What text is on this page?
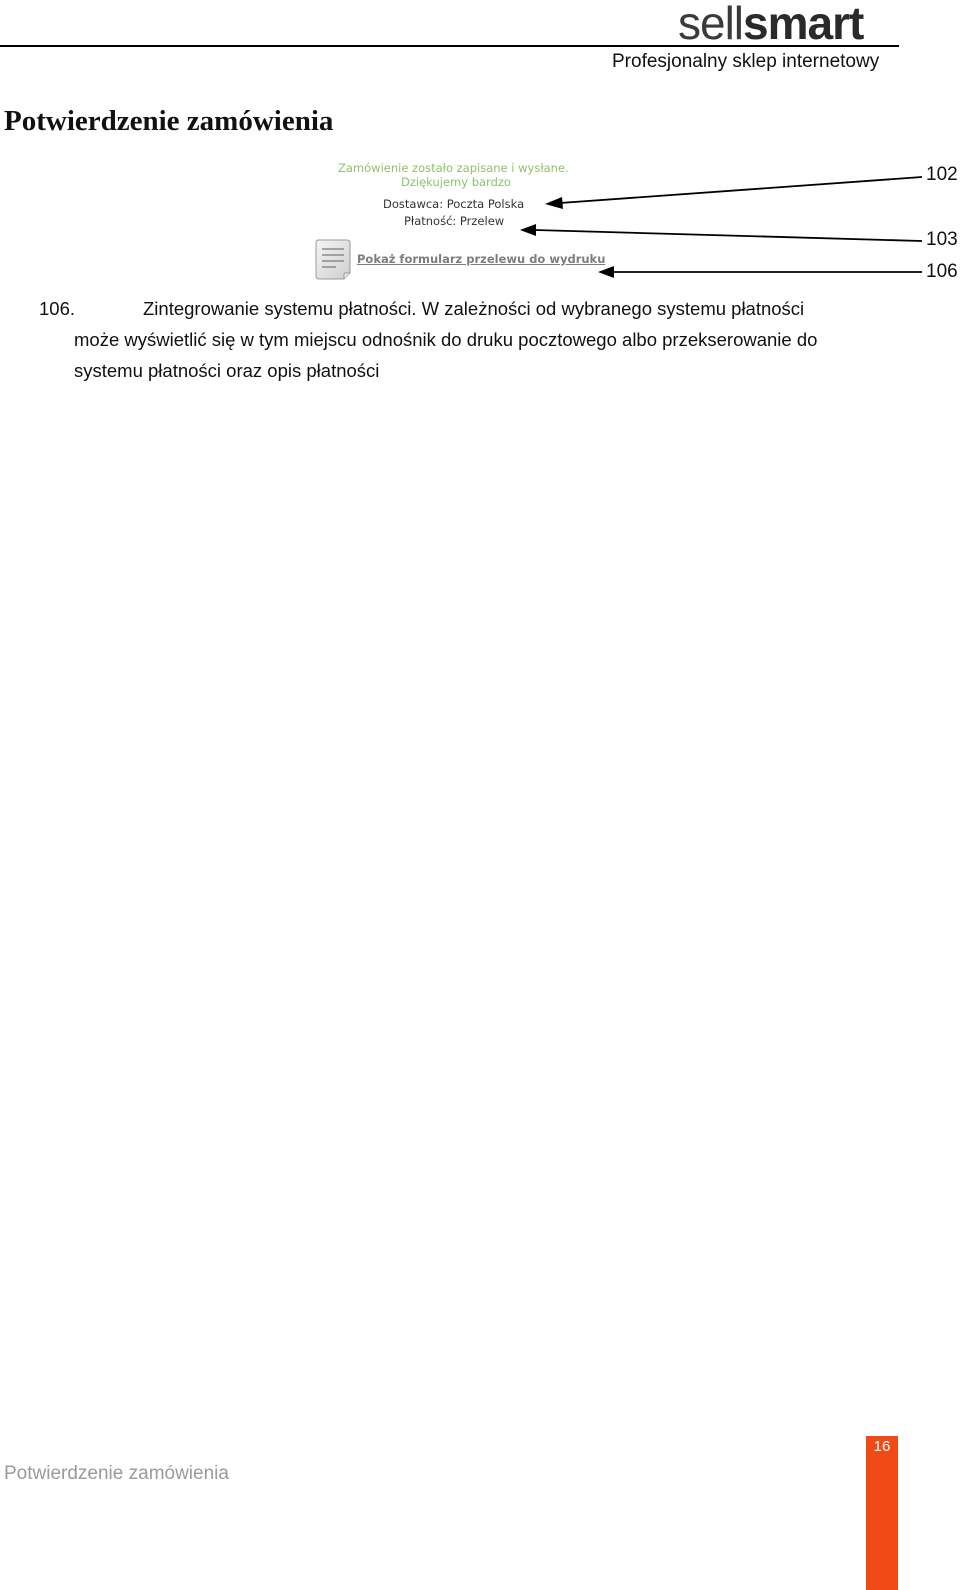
sellsmart
Profesjonalny sklep internetowy
Potwierdzenie zamówienia
Zamówienie zostało zapisane i wysłane.
Dziękujemy bardzo
Dostawca: Poczta Polska
Płatność: Przelew
Pokaż formularz przelewu do wydruku
102
103
106
106.	Zintegrowanie systemu płatności. W zależności od wybranego systemu płatności
może wyświetlić się w tym miejscu odnośnik do druku pocztowego albo przekserowanie do
systemu płatności oraz opis płatności
Potwierdzenie zamówienia
16
